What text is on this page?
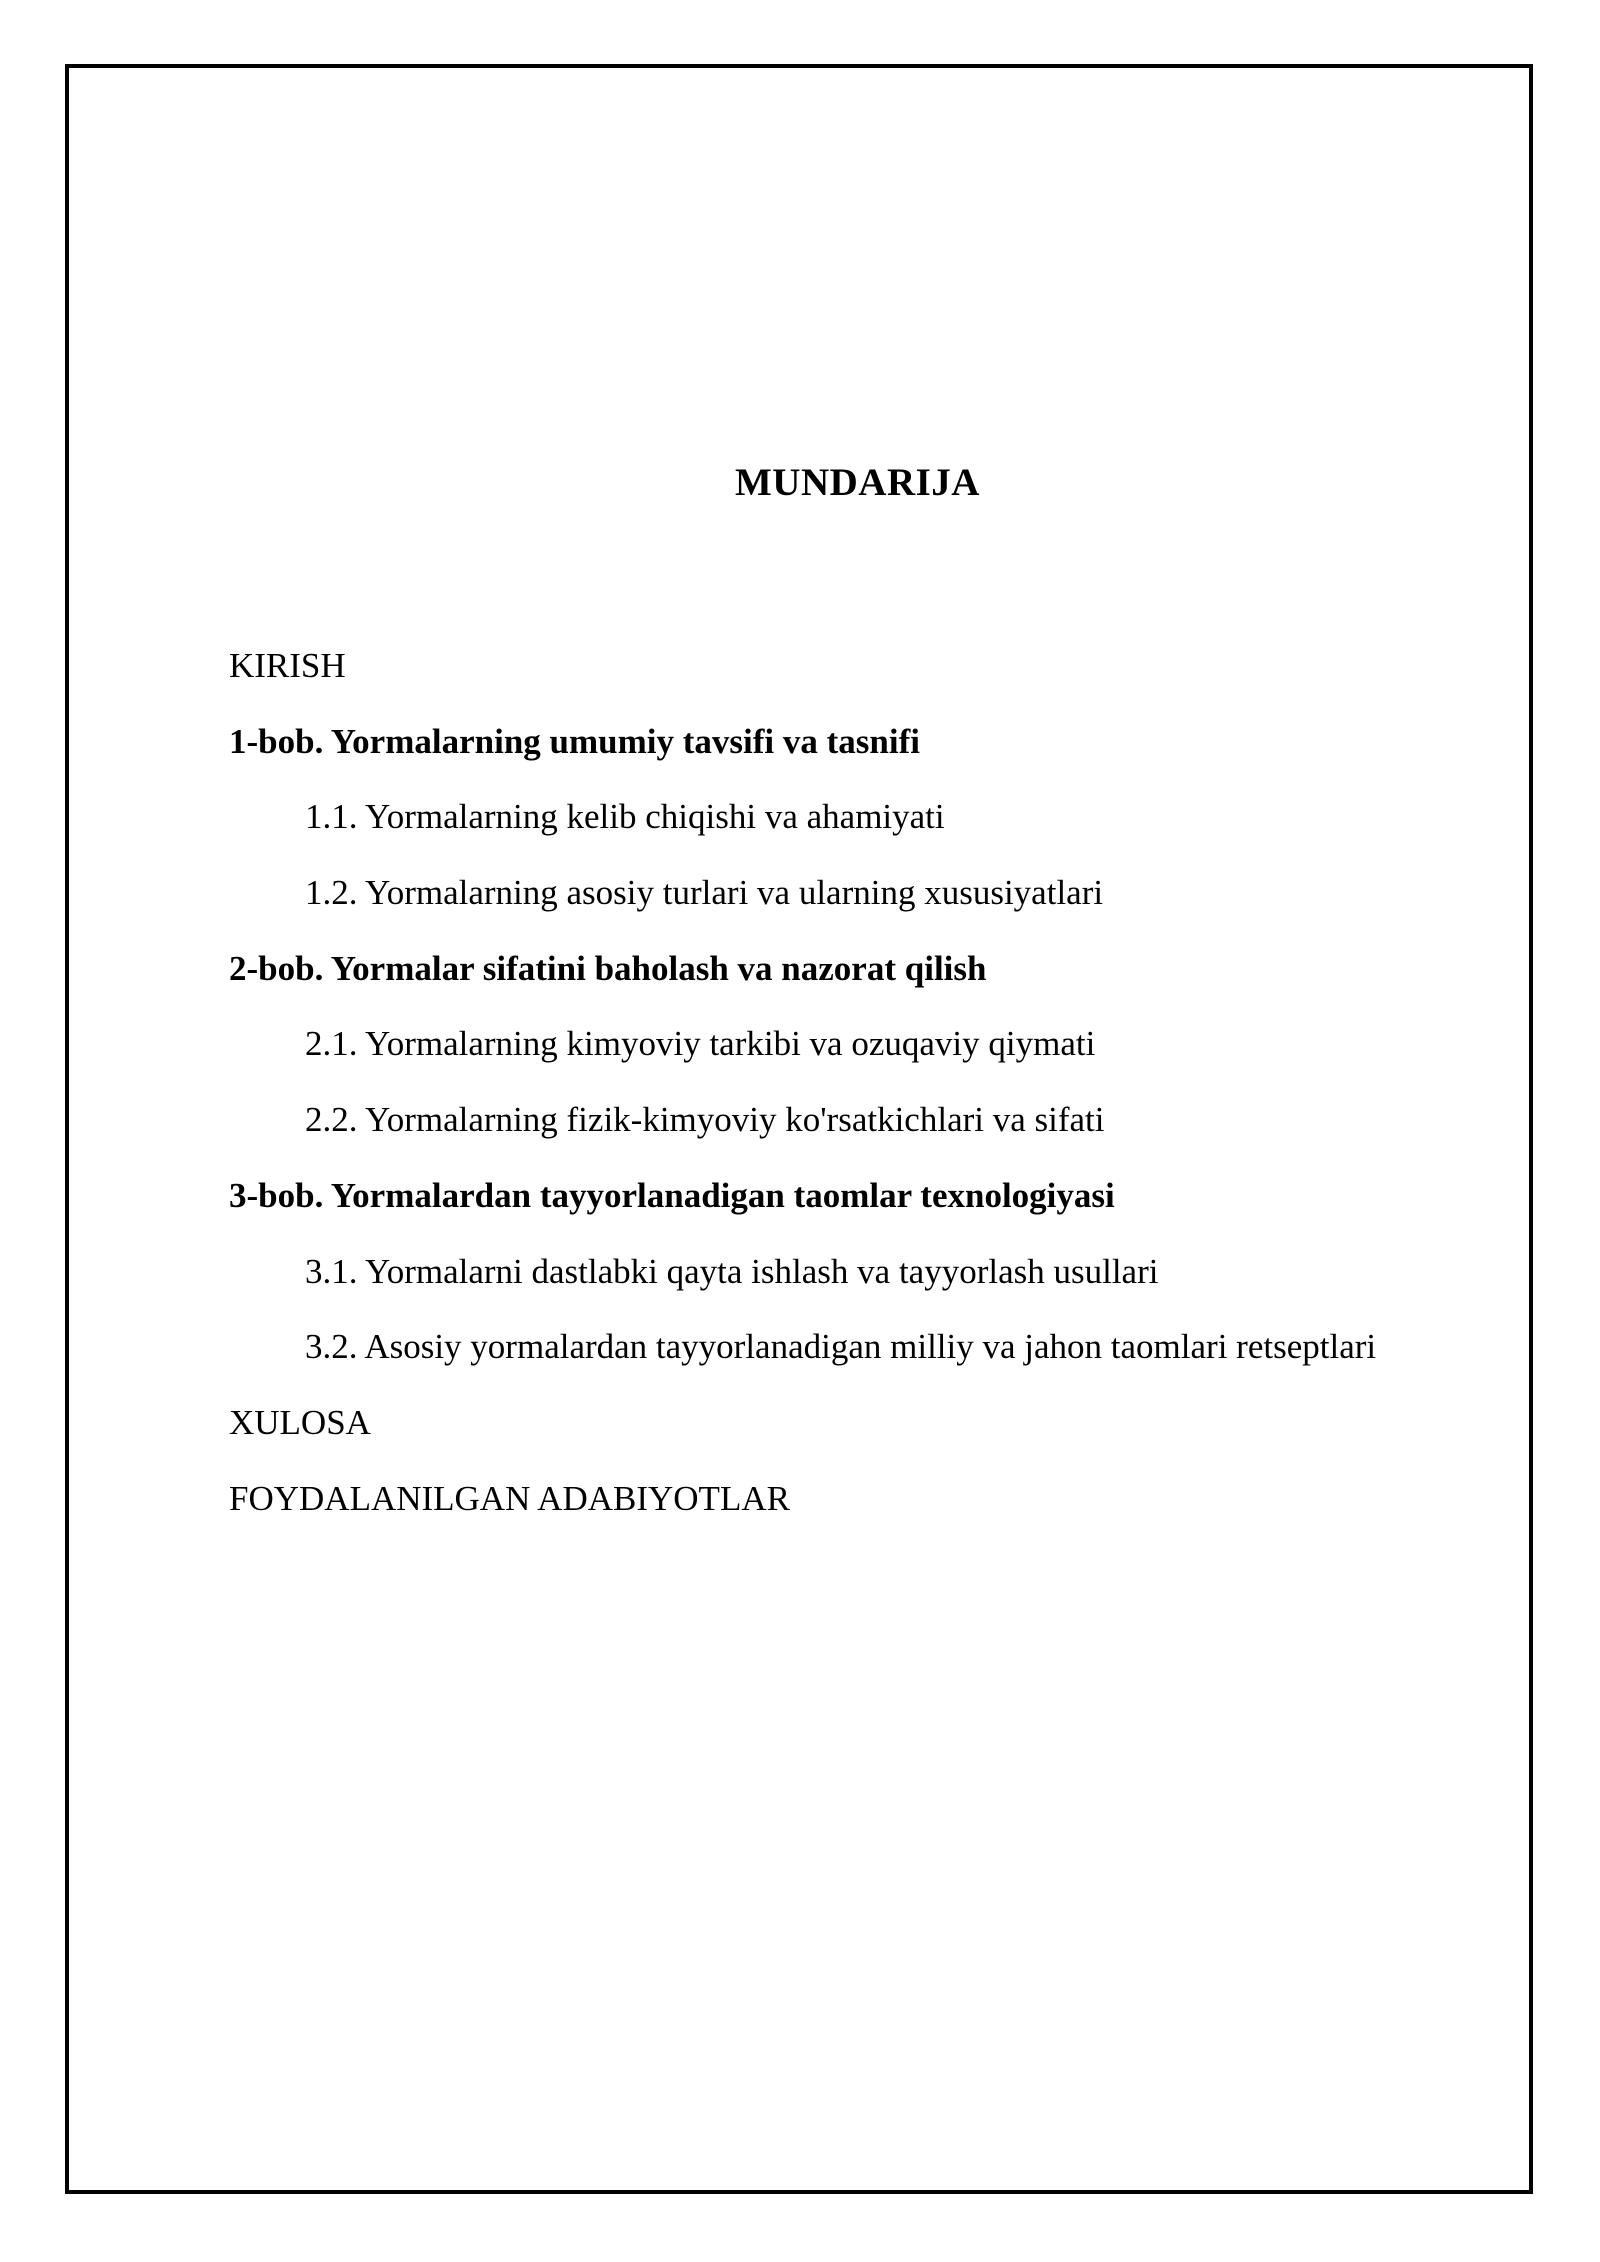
MUNDARIJA
KIRISH
1-bob. Yormalarning umumiy tavsifi va tasnifi
1.1. Yormalarning kelib chiqishi va ahamiyati
1.2. Yormalarning asosiy turlari va ularning xususiyatlari
2-bob. Yormalar sifatini baholash va nazorat qilish
2.1. Yormalarning kimyoviy tarkibi va ozuqaviy qiymati
2.2. Yormalarning fizik-kimyoviy ko'rsatkichlari va sifati
3-bob. Yormalardan tayyorlanadigan taomlar texnologiyasi
3.1. Yormalarni dastlabki qayta ishlash va tayyorlash usullari
3.2. Asosiy yormalardan tayyorlanadigan milliy va jahon taomlari retseptlari
XULOSA
FOYDALANILGAN ADABIYOTLAR
